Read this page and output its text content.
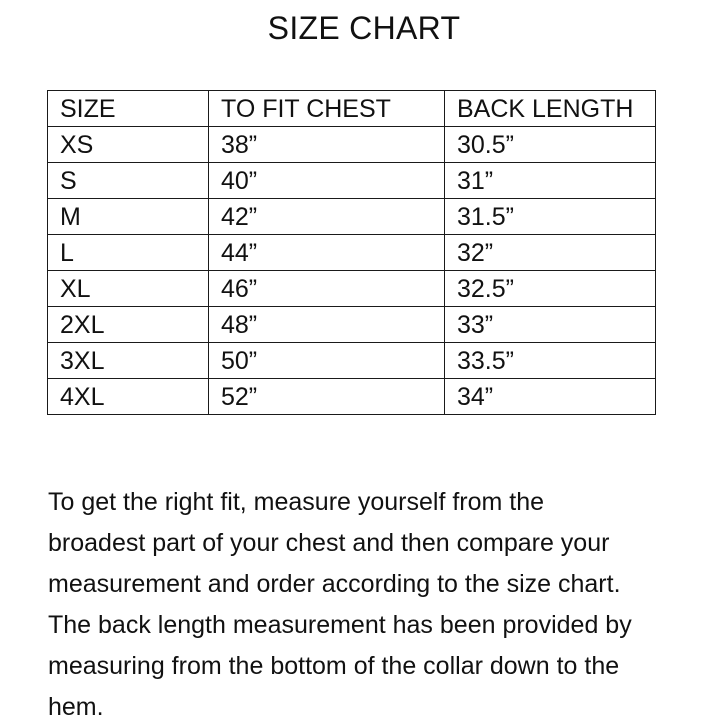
SIZE CHART
SIZE	TO FIT CHEST	BACK LENGTH
XS	38”	30.5”
S	40”	31”
M	42”	31.5”
L	44”	32”
XL	46”	32.5”
2XL	48”	33”
3XL	50”	33.5”
4XL	52”	34”

To get the right fit, measure yourself from the

broadest part of your chest and then compare your

measurement and order according to the size chart.

The back length measurement has been provided by

measuring from the bottom of the collar down to the

hem.
